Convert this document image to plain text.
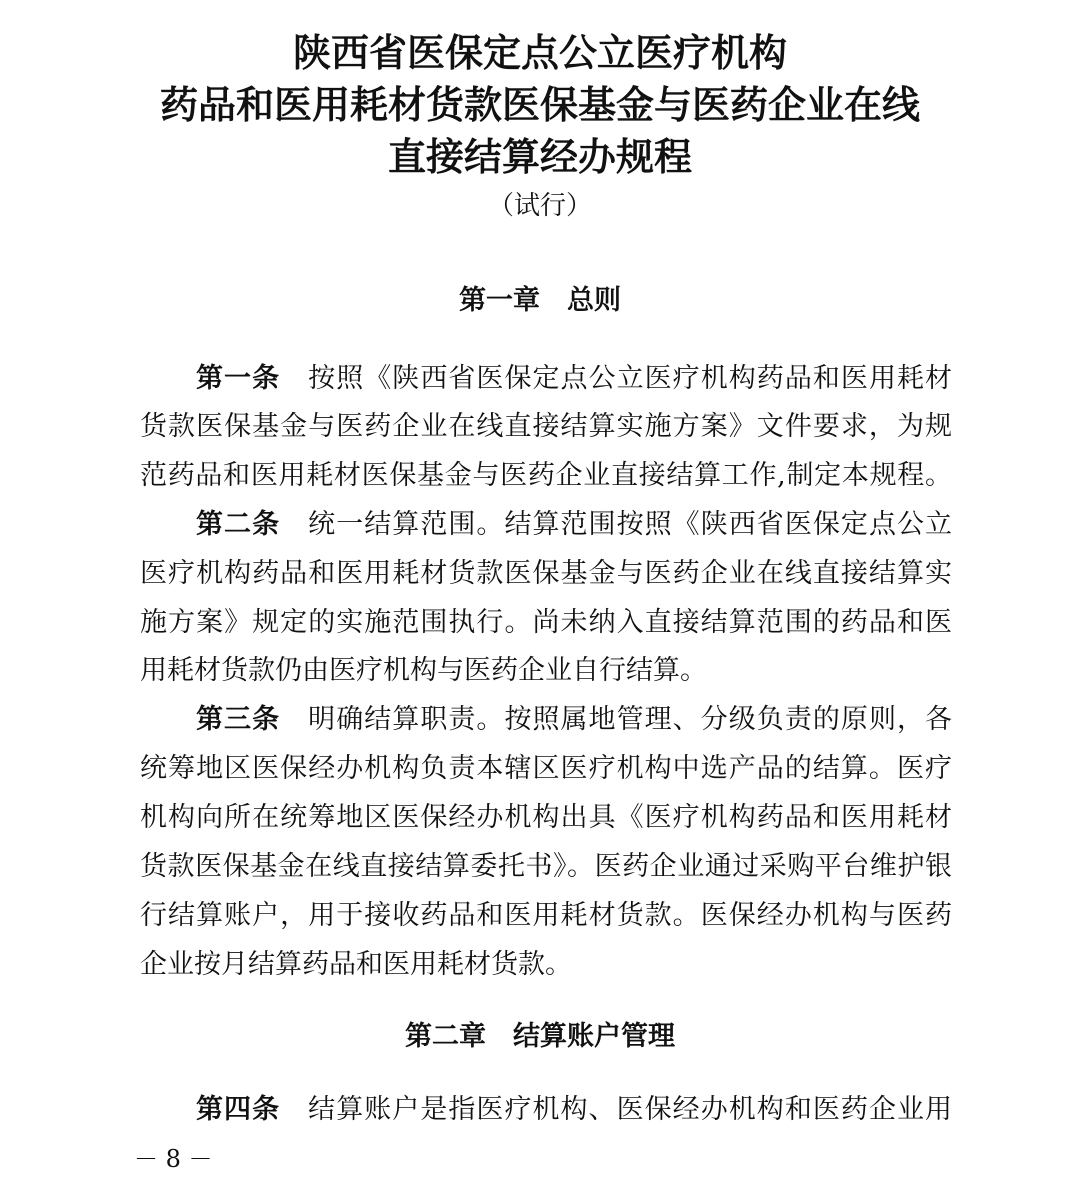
陕西省医保定点公立医疗机构
药品和医用耗材货款医保基金与医药企业在线
直接结算经办规程
（试行）
第一章　总则
第一条　 按照《陕西省医保定点公立医疗机构药品和医用耗材
货款医保基金与医药企业在线直接结算实施方案》文件要求，为规
范药品和医用耗材医保基金与医药企业直接结算工作,制定本规程。
第二条　 统一结算范围。结算范围按照《陕西省医保定点公立
医疗机构药品和医用耗材货款医保基金与医药企业在线直接结算实
施方案》规定的实施范围执行。尚未纳入直接结算范围的药品和医
用耗材货款仍由医疗机构与医药企业自行结算。
第三条　 明确结算职责。按照属地管理、分级负责的原则，各
统筹地区医保经办机构负责本辖区医疗机构中选产品的结算。医疗
机构向所在统筹地区医保经办机构出具《医疗机构药品和医用耗材
货款医保基金在线直接结算委托书》。医药企业通过采购平台维护银
行结算账户，用于接收药品和医用耗材货款。医保经办机构与医药
企业按月结算药品和医用耗材货款。
第二章　结算账户管理
第四条　 结算账户是指医疗机构、医保经办机构和医药企业用
－ 8 －
